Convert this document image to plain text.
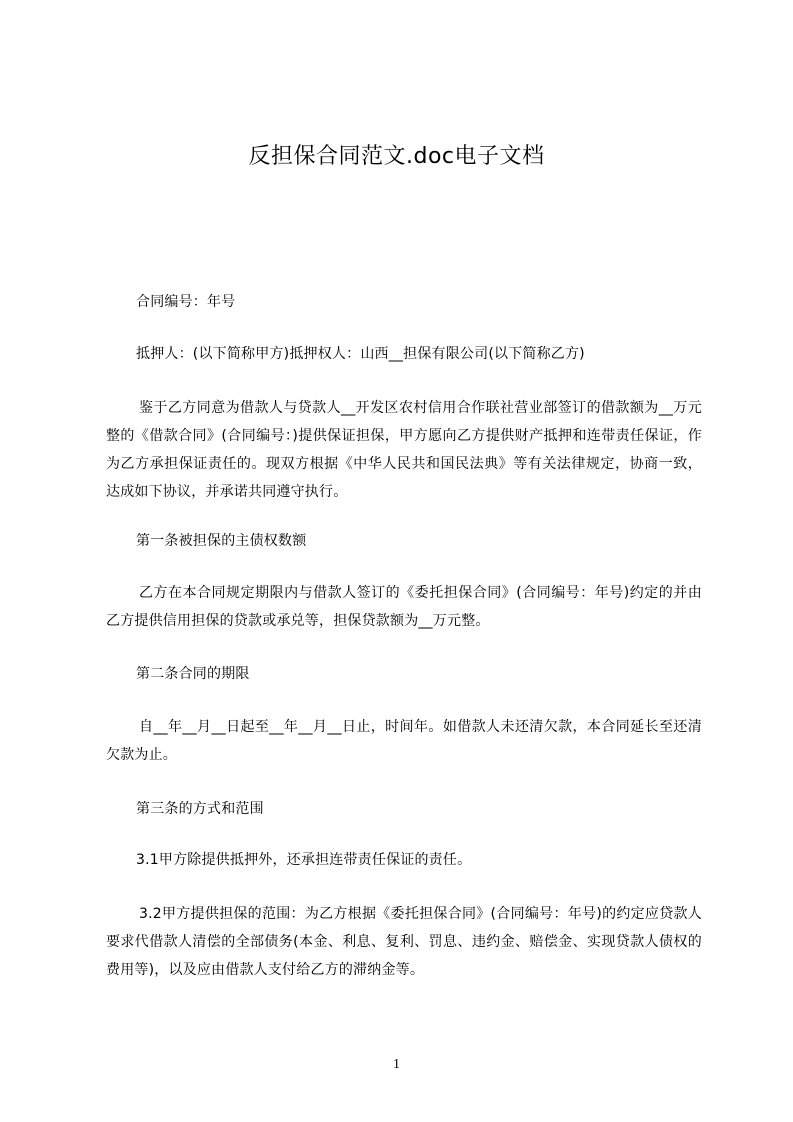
反担保合同范文.doc电子文档
合同编号：年号
抵押人：(以下简称甲方)抵押权人：山西__担保有限公司(以下简称乙方)
鉴于乙方同意为借款人与贷款人__开发区农村信用合作联社营业部签订的借款额为__万元整的《借款合同》(合同编号：)提供保证担保，甲方愿向乙方提供财产抵押和连带责任保证，作为乙方承担保证责任的。现双方根据《中华人民共和国民法典》等有关法律规定，协商一致，达成如下协议，并承诺共同遵守执行。
第一条被担保的主债权数额
乙方在本合同规定期限内与借款人签订的《委托担保合同》(合同编号：年号)约定的并由乙方提供信用担保的贷款或承兑等，担保贷款额为__万元整。
第二条合同的期限
自__年__月__日起至__年__月__日止，时间年。如借款人未还清欠款，本合同延长至还清欠款为止。
第三条的方式和范围
3.1甲方除提供抵押外，还承担连带责任保证的责任。
3.2甲方提供担保的范围：为乙方根据《委托担保合同》(合同编号：年号)的约定应贷款人要求代借款人清偿的全部债务(本金、利息、复利、罚息、违约金、赔偿金、实现贷款人债权的费用等)，以及应由借款人支付给乙方的滞纳金等。
1
